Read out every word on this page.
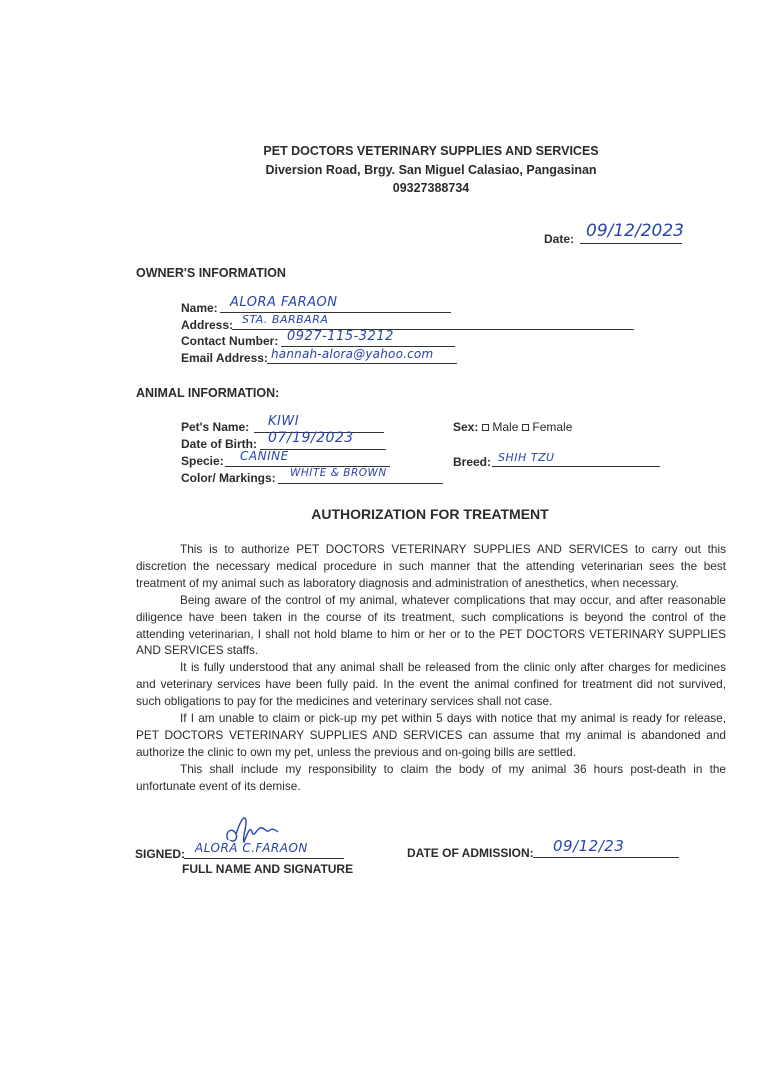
PET DOCTORS VETERINARY SUPPLIES AND SERVICES
Diversion Road, Brgy. San Miguel Calasiao, Pangasinan
09327388734
Date: 09/12/2023
OWNER'S INFORMATION
Name: ALORA FARAON
Address: STA. BARBARA
Contact Number: 0927-115-3212
Email Address: hannah-alora@yahoo.com
ANIMAL INFORMATION:
Pet's Name: KIWI
Date of Birth: 07/19/2023
Specie: CANINE
Color/ Markings: WHITE & BROWN
Sex: Male Female
Breed: SHIH TZU
AUTHORIZATION FOR TREATMENT
This is to authorize PET DOCTORS VETERINARY SUPPLIES AND SERVICES to carry out this discretion the necessary medical procedure in such manner that the attending veterinarian sees the best treatment of my animal such as laboratory diagnosis and administration of anesthetics, when necessary.
Being aware of the control of my animal, whatever complications that may occur, and after reasonable diligence have been taken in the course of its treatment, such complications is beyond the control of the attending veterinarian, I shall not hold blame to him or her or to the PET DOCTORS VETERINARY SUPPLIES AND SERVICES staffs.
It is fully understood that any animal shall be released from the clinic only after charges for medicines and veterinary services have been fully paid. In the event the animal confined for treatment did not survived, such obligations to pay for the medicines and veterinary services shall not case.
If I am unable to claim or pick-up my pet within 5 days with notice that my animal is ready for release, PET DOCTORS VETERINARY SUPPLIES AND SERVICES can assume that my animal is abandoned and authorize the clinic to own my pet, unless the previous and on-going bills are settled.
This shall include my responsibility to claim the body of my animal 36 hours post-death in the unfortunate event of its demise.
SIGNED: ALORA C.FARAON
FULL NAME AND SIGNATURE
DATE OF ADMISSION: 09/12/23
